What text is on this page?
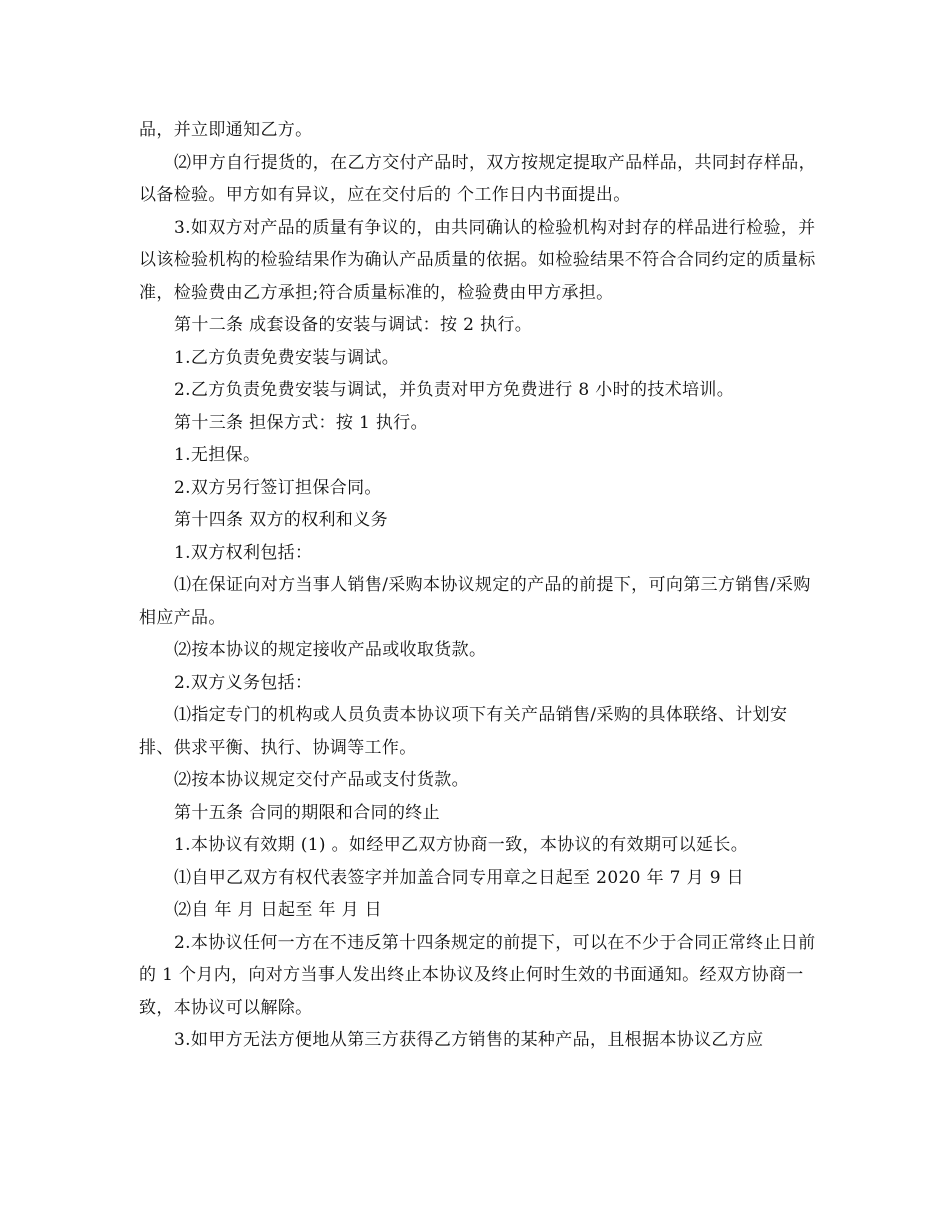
品，并立即通知乙方。

⑵甲方自行提货的，在乙方交付产品时，双方按规定提取产品样品，共同封存样品，以备检验。甲方如有异议，应在交付后的 个工作日内书面提出。

3.如双方对产品的质量有争议的，由共同确认的检验机构对封存的样品进行检验，并以该检验机构的检验结果作为确认产品质量的依据。如检验结果不符合合同约定的质量标准，检验费由乙方承担;符合质量标准的，检验费由甲方承担。

第十二条 成套设备的安装与调试：按 2 执行。

1.乙方负责免费安装与调试。

2.乙方负责免费安装与调试，并负责对甲方免费进行 8 小时的技术培训。

第十三条 担保方式：按 1 执行。

1.无担保。

2.双方另行签订担保合同。

第十四条 双方的权利和义务

1.双方权利包括：

⑴在保证向对方当事人销售/采购本协议规定的产品的前提下，可向第三方销售/采购相应产品。

⑵按本协议的规定接收产品或收取货款。

2.双方义务包括：

⑴指定专门的机构或人员负责本协议项下有关产品销售/采购的具体联络、计划安排、供求平衡、执行、协调等工作。

⑵按本协议规定交付产品或支付货款。

第十五条 合同的期限和合同的终止

1.本协议有效期 (1) 。如经甲乙双方协商一致，本协议的有效期可以延长。

⑴自甲乙双方有权代表签字并加盖合同专用章之日起至 2020 年 7 月 9 日

⑵自 年 月 日起至 年 月 日

2.本协议任何一方在不违反第十四条规定的前提下，可以在不少于合同正常终止日前的 1 个月内，向对方当事人发出终止本协议及终止何时生效的书面通知。经双方协商一致，本协议可以解除。

3.如甲方无法方便地从第三方获得乙方销售的某种产品，且根据本协议乙方应
